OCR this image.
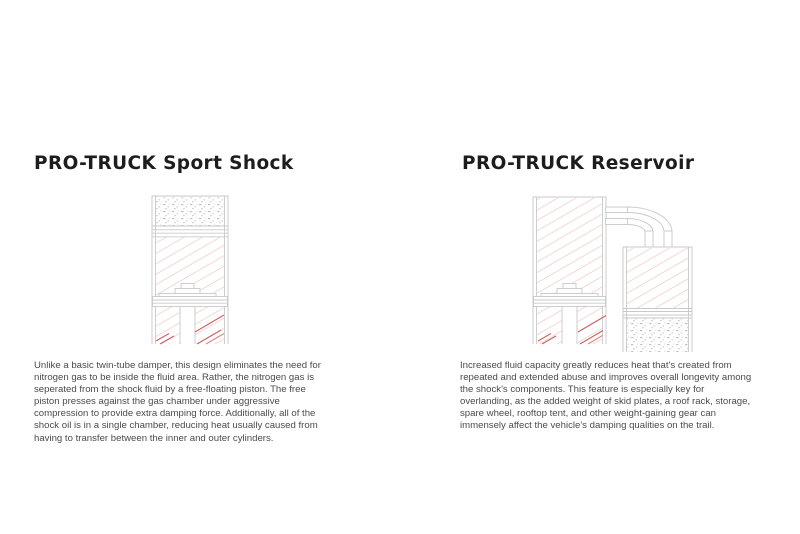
PRO-TRUCK Sport Shock
Unlike a basic twin-tube damper, this design eliminates the need for
nitrogen gas to be inside the fluid area. Rather, the nitrogen gas is
seperated from the shock fluid by a free-floating piston. The free
piston presses against the gas chamber under aggressive
compression to provide extra damping force. Additionally, all of the
shock oil is in a single chamber, reducing heat usually caused from
having to transfer between the inner and outer cylinders.
PRO-TRUCK Reservoir
Increased fluid capacity greatly reduces heat that's created from
repeated and extended abuse and improves overall longevity among
the shock's components. This feature is especially key for
overlanding, as the added weight of skid plates, a roof rack, storage,
spare wheel, rooftop tent, and other weight-gaining gear can
immensely affect the vehicle's damping qualities on the trail.
